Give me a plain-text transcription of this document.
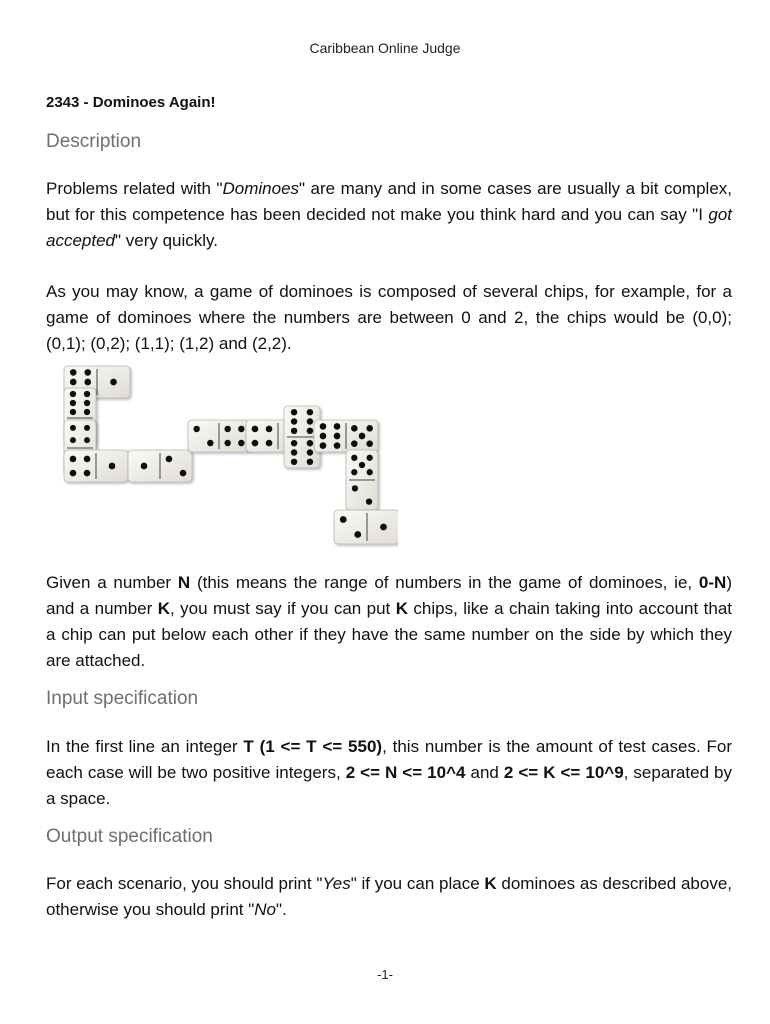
Caribbean Online Judge
2343 - Dominoes Again!
Description

Problems related with "Dominoes" are many and in some cases are usually a bit complex, but for this competence has been decided not make you think hard and you can say "I got accepted" very quickly.

As you may know, a game of dominoes is composed of several chips, for example, for a game of dominoes where the numbers are between 0 and 2, the chips would be (0,0); (0,1); (0,2); (1,1); (1,2) and (2,2).

Given a number N (this means the range of numbers in the game of dominoes, ie, 0-N) and a number K, you must say if you can put K chips, like a chain taking into account that a chip can put below each other if they have the same number on the side by which they are attached.

Input specification

In the first line an integer T (1 <= T <= 550), this number is the amount of test cases. For each case will be two positive integers, 2 <= N <= 10^4 and 2 <= K <= 10^9, separated by a space.

Output specification

For each scenario, you should print "Yes" if you can place K dominoes as described above, otherwise you should print "No".

-1-
